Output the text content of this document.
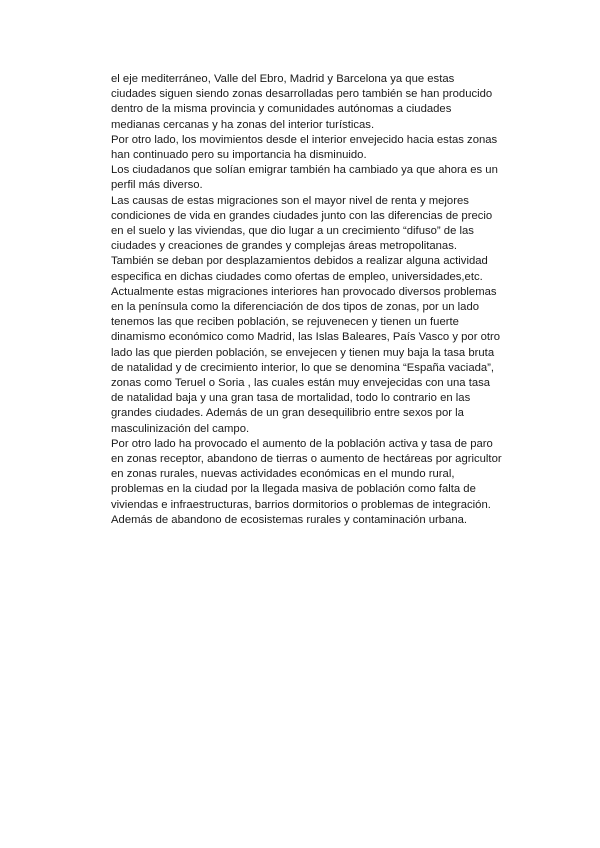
el eje mediterráneo, Valle del Ebro, Madrid y Barcelona ya que estas
ciudades siguen siendo zonas desarrolladas pero también se han producido
dentro de la misma provincia y comunidades autónomas a ciudades
medianas cercanas y ha zonas del interior turísticas.
Por otro lado, los movimientos desde el interior envejecido hacia estas zonas
han continuado pero su importancia ha disminuido.
Los ciudadanos que solían emigrar también ha cambiado ya que ahora es un
perfil más diverso.
Las causas de estas migraciones son el mayor nivel de renta y mejores
condiciones de vida en grandes ciudades junto con las diferencias de precio
en el suelo y las viviendas, que dio lugar a un crecimiento “difuso” de las
ciudades y creaciones de grandes y complejas áreas metropolitanas.
También se deban por desplazamientos debidos a realizar alguna actividad
especifica en dichas ciudades como ofertas de empleo, universidades,etc.
Actualmente estas migraciones interiores han provocado diversos problemas
en la península como la diferenciación de dos tipos de zonas, por un lado
tenemos las que reciben población, se rejuvenecen y tienen un fuerte
dinamismo económico como Madrid, las Islas Baleares, País Vasco y por otro
lado las que pierden población, se envejecen y tienen muy baja la tasa bruta
de natalidad y de crecimiento interior, lo que se denomina “España vaciada”,
zonas como Teruel o Soria , las cuales están muy envejecidas con una tasa
de natalidad baja y una gran tasa de mortalidad, todo lo contrario en las
grandes ciudades. Además de un gran desequilibrio entre sexos por la
masculinización del campo.
Por otro lado ha provocado el aumento de la población activa y tasa de paro
en zonas receptor, abandono de tierras o aumento de hectáreas por agricultor
en zonas rurales, nuevas actividades económicas en el mundo rural,
problemas en la ciudad por la llegada masiva de población como falta de
viviendas e infraestructuras, barrios dormitorios o problemas de integración.
Además de abandono de ecosistemas rurales y contaminación urbana.
